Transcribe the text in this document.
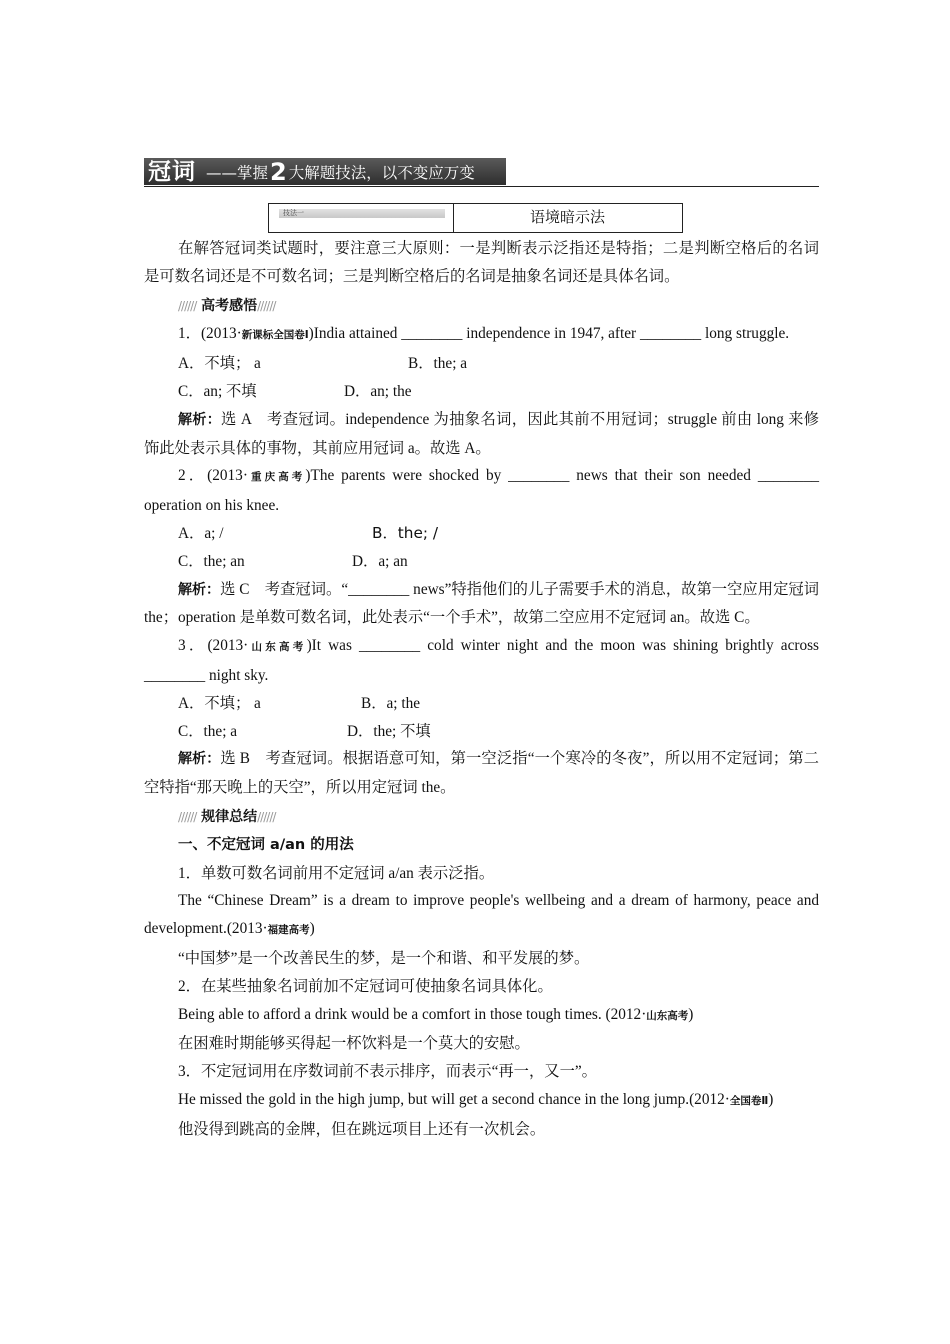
冠词 ——掌握2 大解题技法，以不变应万变
技法一	语境暗示法

在解答冠词类试题时，要注意三大原则：一是判断表示泛指还是特指；二是判断空格后的名词是可数名词还是不可数名词；三是判断空格后的名词是抽象名词还是具体名词。

////// 高考感悟//////

1．(2013·新课标全国卷Ⅰ)India attained ________ independence in 1947, after ________ long struggle.

A．不填； a	B．the; a

C．an; 不填	D．an; the

解析：选 A　考查冠词。independence 为抽象名词，因此其前不用冠词；struggle 前由 long 来修饰此处表示具体的事物，其前应用冠词 a。故选 A。

2．(2013·重庆高考)The parents were shocked by ________ news that their son needed ________ operation on his knee.

A．a; /	B．the; /

C．the; an	D．a; an

解析：选 C　考查冠词。“________ news”特指他们的儿子需要手术的消息，故第一空应用定冠词 the；operation 是单数可数名词，此处表示“一个手术”，故第二空应用不定冠词 an。故选 C。

3．(2013·山东高考)It was ________ cold winter night and the moon was shining brightly across ________ night sky.

A．不填； a	B．a; the

C．the; a	D．the; 不填

解析：选 B　考查冠词。根据语意可知，第一空泛指“一个寒冷的冬夜”，所以用不定冠词；第二空特指“那天晚上的天空”，所以用定冠词 the。

////// 规律总结//////
一、不定冠词 a/an 的用法

1．单数可数名词前用不定冠词 a/an 表示泛指。

The “Chinese Dream” is a dream to improve people's wellbeing and a dream of harmony, peace and development.(2013·福建高考)

“中国梦”是一个改善民生的梦，是一个和谐、和平发展的梦。

2．在某些抽象名词前加不定冠词可使抽象名词具体化。

Being able to afford a drink would be a comfort in those tough times. (2012·山东高考)

在困难时期能够买得起一杯饮料是一个莫大的安慰。

3．不定冠词用在序数词前不表示排序，而表示“再一，又一”。

He missed the gold in the high jump, but will get a second chance in the long jump.(2012·全国卷Ⅱ)

他没得到跳高的金牌，但在跳远项目上还有一次机会。
